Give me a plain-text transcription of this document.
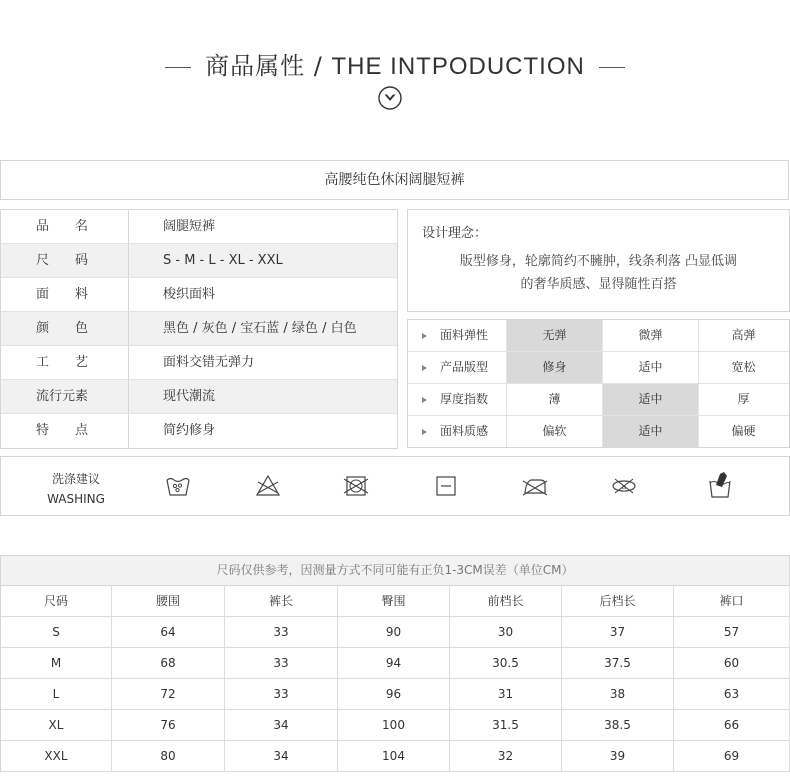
商品属性 / THE INTPODUCTION
高腰纯色休闲阔腿短裤
品　　名	阔腿短裤
尺　　码	S - M - L - XL - XXL
面　　料	梭织面料
颜　　色	黑色 / 灰色 / 宝石蓝 / 绿色 / 白色
工　　艺	面料交错无弹力
流行元素	现代潮流
特　　点	简约修身
设计理念：
版型修身，轮廓简约不臃肿，线条利落 凸显低调
的奢华质感、显得随性百搭
面料弹性	无弹	微弹	高弹
产品版型	修身	适中	宽松
厚度指数	薄	适中	厚
面料质感	偏软	适中	偏硬
洗涤建议
WASHING
a
尺码仅供参考，因测量方式不同可能有正负1-3CM误差（单位CM）
尺码	腰围	裤长	臀围	前档长	后档长	裤口
S	64	33	90	30	37	57
M	68	33	94	30.5	37.5	60
L	72	33	96	31	38	63
XL	76	34	100	31.5	38.5	66
XXL	80	34	104	32	39	69
